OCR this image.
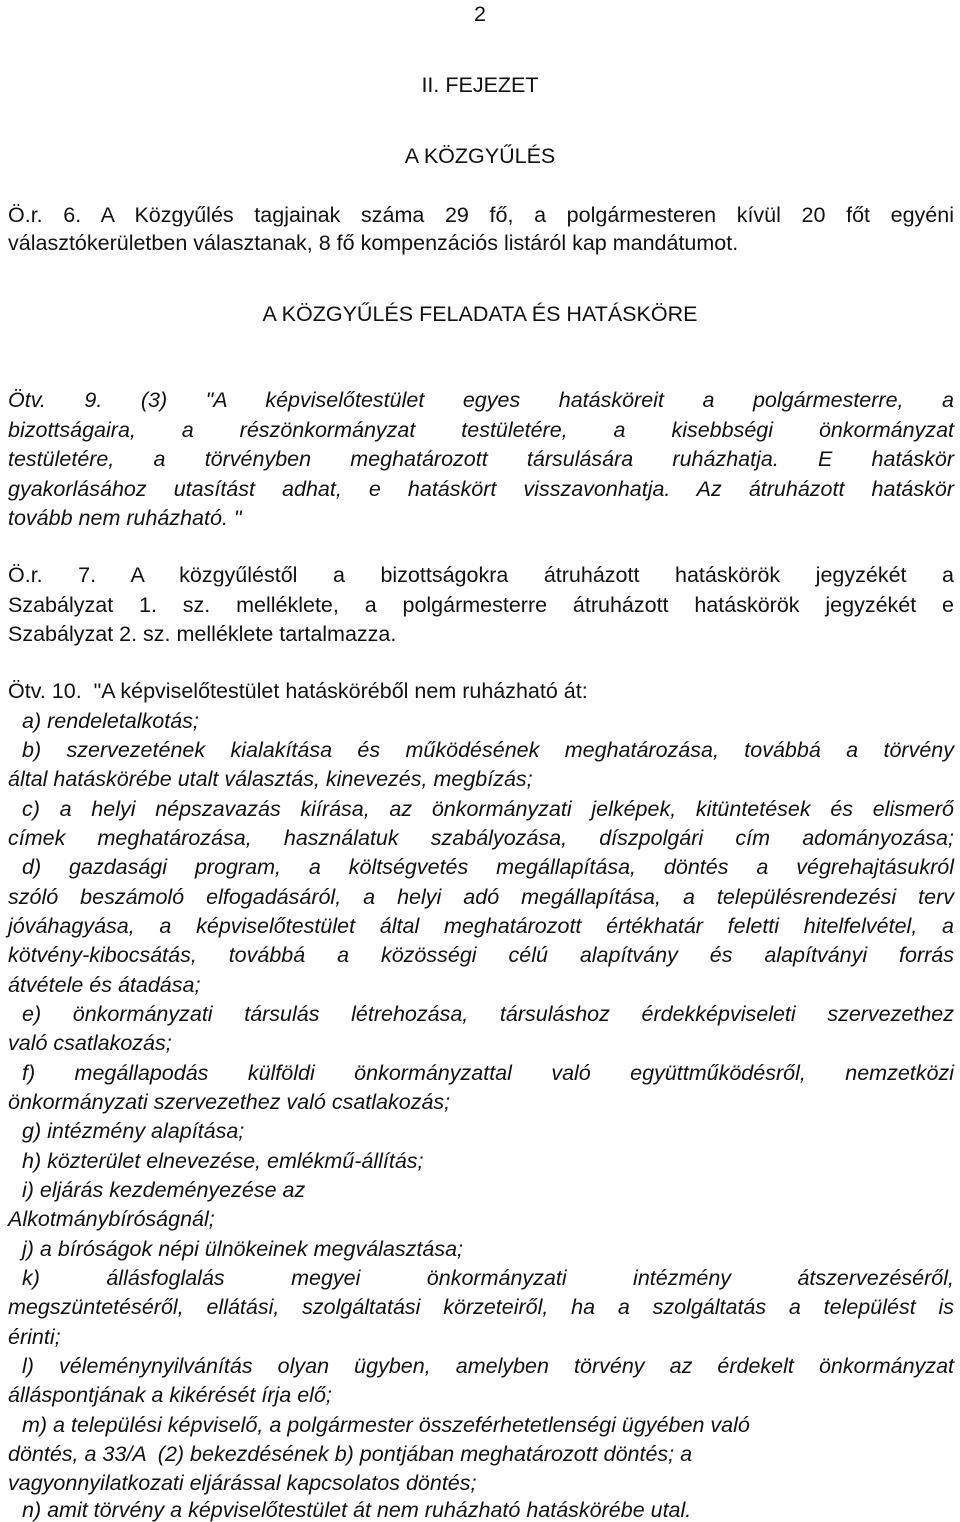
2
II. FEJEZET
A KÖZGYŰLÉS
Ö.r. 6. A Közgyűlés tagjainak száma 29 fő, a polgármesteren kívül 20 főt egyéni
választókerületben választanak, 8 fő kompenzációs listáról kap mandátumot.
A KÖZGYŰLÉS FELADATA ÉS HATÁSKÖRE
Ötv. 9. (3) "A képviselőtestület egyes hatásköreit a polgármesterre, a
bizottságaira, a részönkormányzat testületére, a kisebbségi önkormányzat
testületére, a törvényben meghatározott társulására ruházhatja. E hatáskör
gyakorlásához utasítást adhat, e hatáskört visszavonhatja. Az átruházott hatáskör
tovább nem ruházható. "
Ö.r. 7. A közgyűléstől a bizottságokra átruházott hatáskörök jegyzékét a
Szabályzat 1. sz. melléklete, a polgármesterre átruházott hatáskörök jegyzékét e
Szabályzat 2. sz. melléklete tartalmazza.
Ötv. 10.  "A képviselőtestület hatásköréből nem ruházható át:
a) rendeletalkotás;
b) szervezetének kialakítása és működésének meghatározása, továbbá a törvény
által hatáskörébe utalt választás, kinevezés, megbízás;
c) a helyi népszavazás kiírása, az önkormányzati jelképek, kitüntetések és elismerő
címek meghatározása, használatuk szabályozása, díszpolgári cím adományozása;
d) gazdasági program, a költségvetés megállapítása, döntés a végrehajtásukról
szóló beszámoló elfogadásáról, a helyi adó megállapítása, a településrendezési terv
jóváhagyása, a képviselőtestület által meghatározott értékhatár feletti hitelfelvétel, a
kötvény-kibocsátás, továbbá a közösségi célú alapítvány és alapítványi forrás
átvétele és átadása;
e) önkormányzati társulás létrehozása, társuláshoz érdekképviseleti szervezethez
való csatlakozás;
f) megállapodás külföldi önkormányzattal való együttműködésről, nemzetközi
önkormányzati szervezethez való csatlakozás;
g) intézmény alapítása;
h) közterület elnevezése, emlékmű-állítás;
i) eljárás kezdeményezése az
Alkotmánybíróságnál;
j) a bíróságok népi ülnökeinek megválasztása;
k) állásfoglalás megyei önkormányzati intézmény átszervezéséről,
megszüntetéséről, ellátási, szolgáltatási körzeteiről, ha a szolgáltatás a települést is
érinti;
l) véleménynyilvánítás olyan ügyben, amelyben törvény az érdekelt önkormányzat
álláspontjának a kikérését írja elő;
m) a települési képviselő, a polgármester összeférhetetlenségi ügyében való
döntés, a 33/A  (2) bekezdésének b) pontjában meghatározott döntés; a
vagyonnyilatkozati eljárással kapcsolatos döntés;
n) amit törvény a képviselőtestület át nem ruházható hatáskörébe utal.
